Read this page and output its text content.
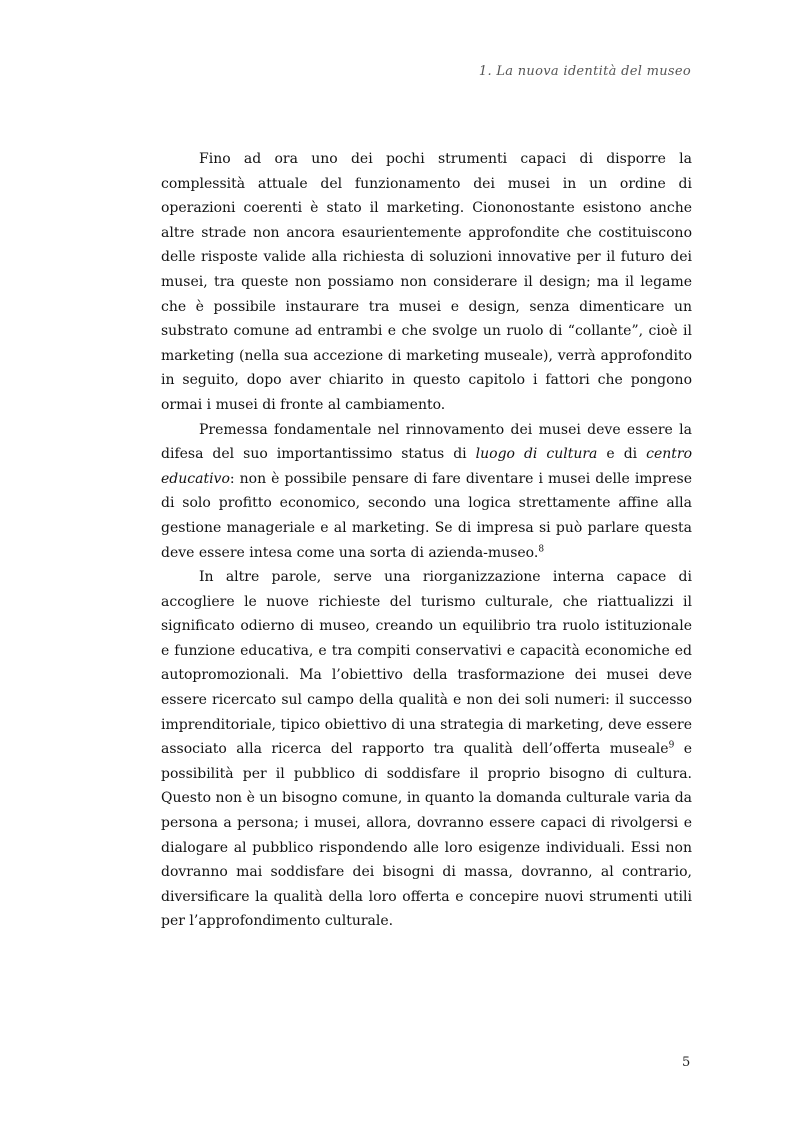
1. La nuova identità del museo

Fino ad ora uno dei pochi strumenti capaci di disporre la complessità attuale del funzionamento dei musei in un ordine di operazioni coerenti è stato il marketing. Ciononostante esistono anche altre strade non ancora esaurientemente approfondite che costituiscono delle risposte valide alla richiesta di soluzioni innovative per il futuro dei musei, tra queste non possiamo non considerare il design; ma il legame che è possibile instaurare tra musei e design, senza dimenticare un substrato comune ad entrambi e che svolge un ruolo di “collante”, cioè il marketing (nella sua accezione di marketing museale), verrà approfondito in seguito, dopo aver chiarito in questo capitolo i fattori che pongono ormai i musei di fronte al cambiamento.

Premessa fondamentale nel rinnovamento dei musei deve essere la difesa del suo importantissimo status di luogo di cultura e di centro educativo: non è possibile pensare di fare diventare i musei delle imprese di solo profitto economico, secondo una logica strettamente affine alla gestione manageriale e al marketing. Se di impresa si può parlare questa deve essere intesa come una sorta di azienda-museo.$^8$

In altre parole, serve una riorganizzazione interna capace di accogliere le nuove richieste del turismo culturale, che riattualizzi il significato odierno di museo, creando un equilibrio tra ruolo istituzionale e funzione educativa, e tra compiti conservativi e capacità economiche ed autopromozionali. Ma l’obiettivo della trasformazione dei musei deve essere ricercato sul campo della qualità e non dei soli numeri: il successo imprenditoriale, tipico obiettivo di una strategia di marketing, deve essere associato alla ricerca del rapporto tra qualità dell’offerta museale$^9$ e possibilità per il pubblico di soddisfare il proprio bisogno di cultura. Questo non è un bisogno comune, in quanto la domanda culturale varia da persona a persona; i musei, allora, dovranno essere capaci di rivolgersi e dialogare al pubblico rispondendo alle loro esigenze individuali. Essi non dovranno mai soddisfare dei bisogni di massa, dovranno, al contrario, diversificare la qualità della loro offerta e concepire nuovi strumenti utili per l’approfondimento culturale.

5
